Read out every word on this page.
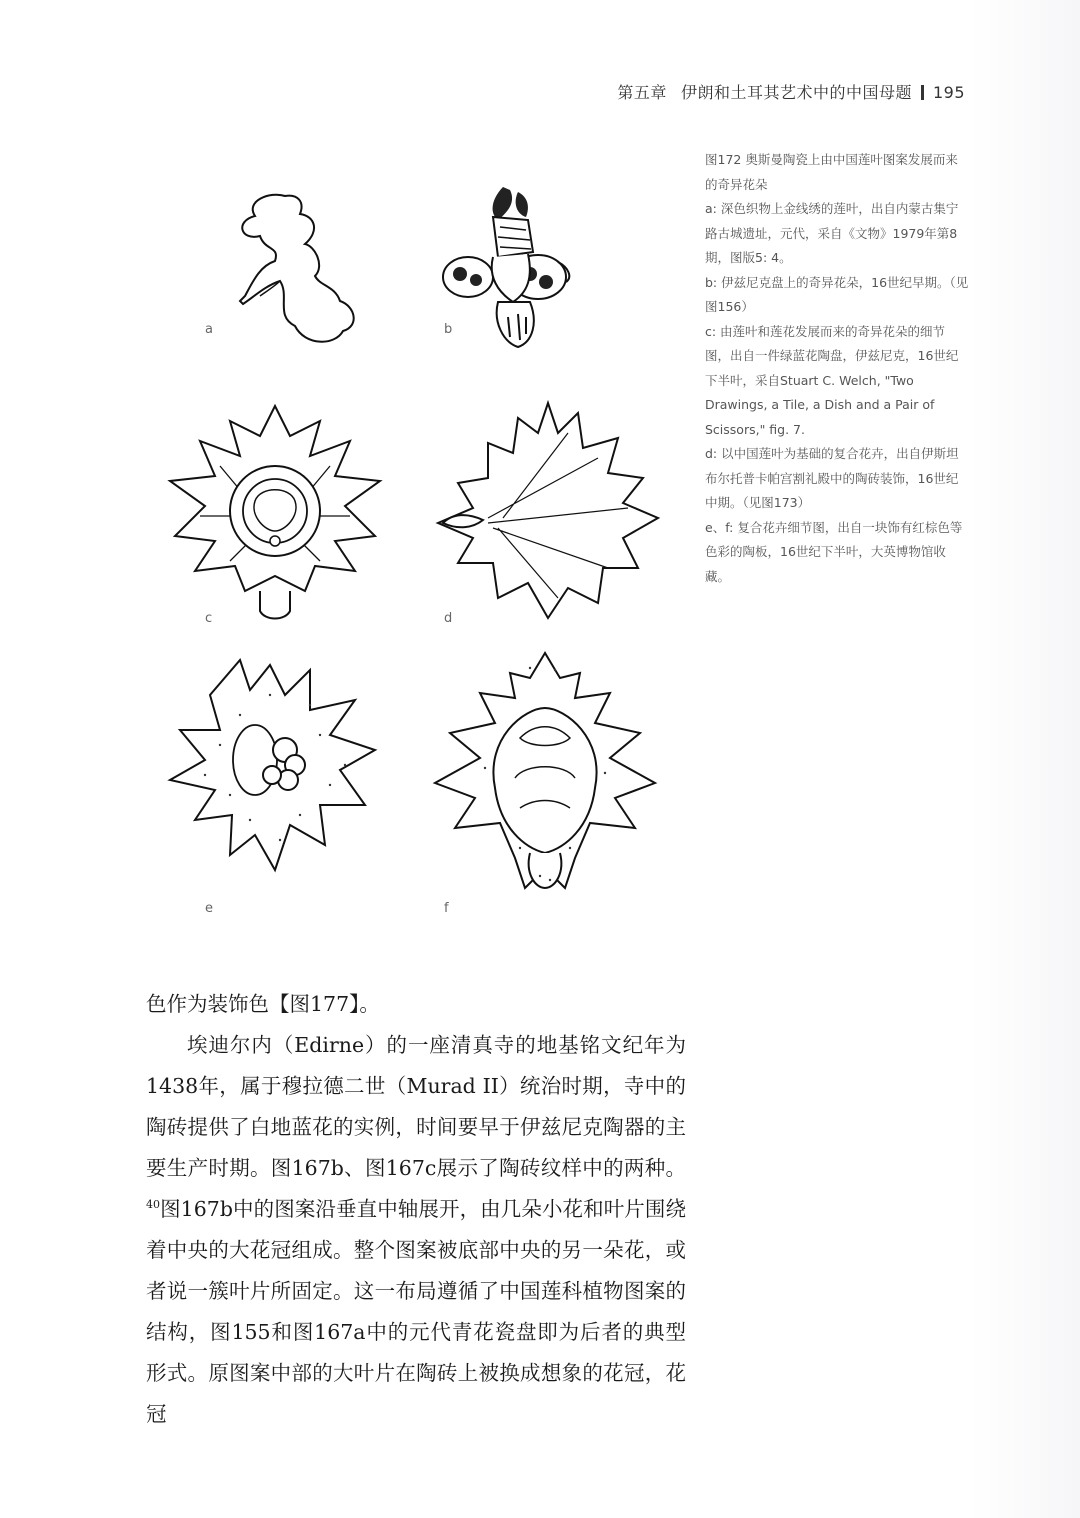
第五章 伊朗和土耳其艺术中的中国母题 195
a	b
c	d
e	f

图172 奥斯曼陶瓷上由中国莲叶图案发展而来的奇异花朵

a: 深色织物上金线绣的莲叶，出自内蒙古集宁路古城遗址，元代，采自《文物》1979年第8期，图版5: 4。

b: 伊兹尼克盘上的奇异花朵，16世纪早期。（见图156）

c: 由莲叶和莲花发展而来的奇异花朵的细节图，出自一件绿蓝花陶盘，伊兹尼克，16世纪下半叶，采自Stuart C. Welch, "Two Drawings, a Tile, a Dish and a Pair of Scissors," fig. 7.

d: 以中国莲叶为基础的复合花卉，出自伊斯坦布尔托普卡帕宫割礼殿中的陶砖装饰，16世纪中期。（见图173）

e、f: 复合花卉细节图，出自一块饰有红棕色等色彩的陶板，16世纪下半叶，大英博物馆收藏。

色作为装饰色【图177】。

埃迪尔内（Edirne）的一座清真寺的地基铭文纪年为1438年，属于穆拉德二世（Murad II）统治时期，寺中的陶砖提供了白地蓝花的实例，时间要早于伊兹尼克陶器的主要生产时期。图167b、图167c展示了陶砖纹样中的两种。$^{40}$图167b中的图案沿垂直中轴展开，由几朵小花和叶片围绕着中央的大花冠组成。整个图案被底部中央的另一朵花，或者说一簇叶片所固定。这一布局遵循了中国莲科植物图案的结构，图155和图167a中的元代青花瓷盘即为后者的典型形式。原图案中部的大叶片在陶砖上被换成想象的花冠，花冠
